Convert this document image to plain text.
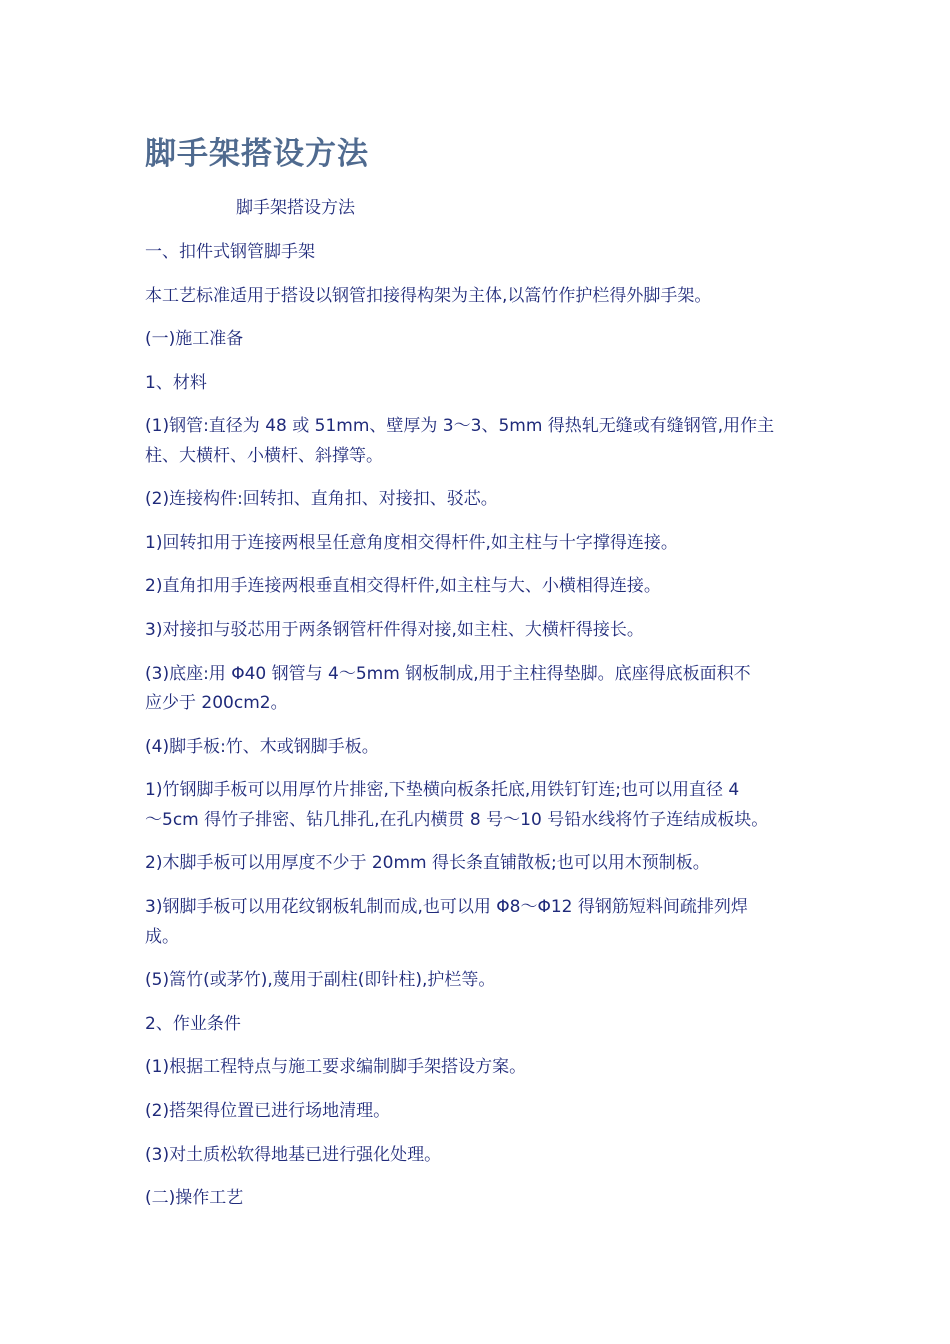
脚手架搭设方法
脚手架搭设方法
一、扣件式钢管脚手架
本工艺标准适用于搭设以钢管扣接得构架为主体,以篙竹作护栏得外脚手架。
(一)施工准备
1、材料
(1)钢管:直径为 48 或 51mm、壁厚为 3～3、5mm 得热轧无缝或有缝钢管,用作主
柱、大横杆、小横杆、斜撑等。
(2)连接构件:回转扣、直角扣、对接扣、驳芯。
1)回转扣用于连接两根呈任意角度相交得杆件,如主柱与十字撑得连接。
2)直角扣用手连接两根垂直相交得杆件,如主柱与大、小横相得连接。
3)对接扣与驳芯用于两条钢管杆件得对接,如主柱、大横杆得接长。
(3)底座:用 Φ40 钢管与 4～5mm 钢板制成,用于主柱得垫脚。底座得底板面积不
应少于 200cm2。
(4)脚手板:竹、木或钢脚手板。
1)竹钢脚手板可以用厚竹片排密,下垫横向板条托底,用铁钉钉连;也可以用直径 4
～5cm 得竹子排密、钻几排孔,在孔内横贯 8 号～10 号铅水线将竹子连结成板块。
2)木脚手板可以用厚度不少于 20mm 得长条直铺散板;也可以用木预制板。
3)钢脚手板可以用花纹钢板轧制而成,也可以用 Φ8～Φ12 得钢筋短料间疏排列焊
成。
(5)篙竹(或茅竹),蔑用于副柱(即针柱),护栏等。
2、作业条件
(1)根据工程特点与施工要求编制脚手架搭设方案。
(2)搭架得位置已进行场地清理。
(3)对土质松软得地基已进行强化处理。
(二)操作工艺
